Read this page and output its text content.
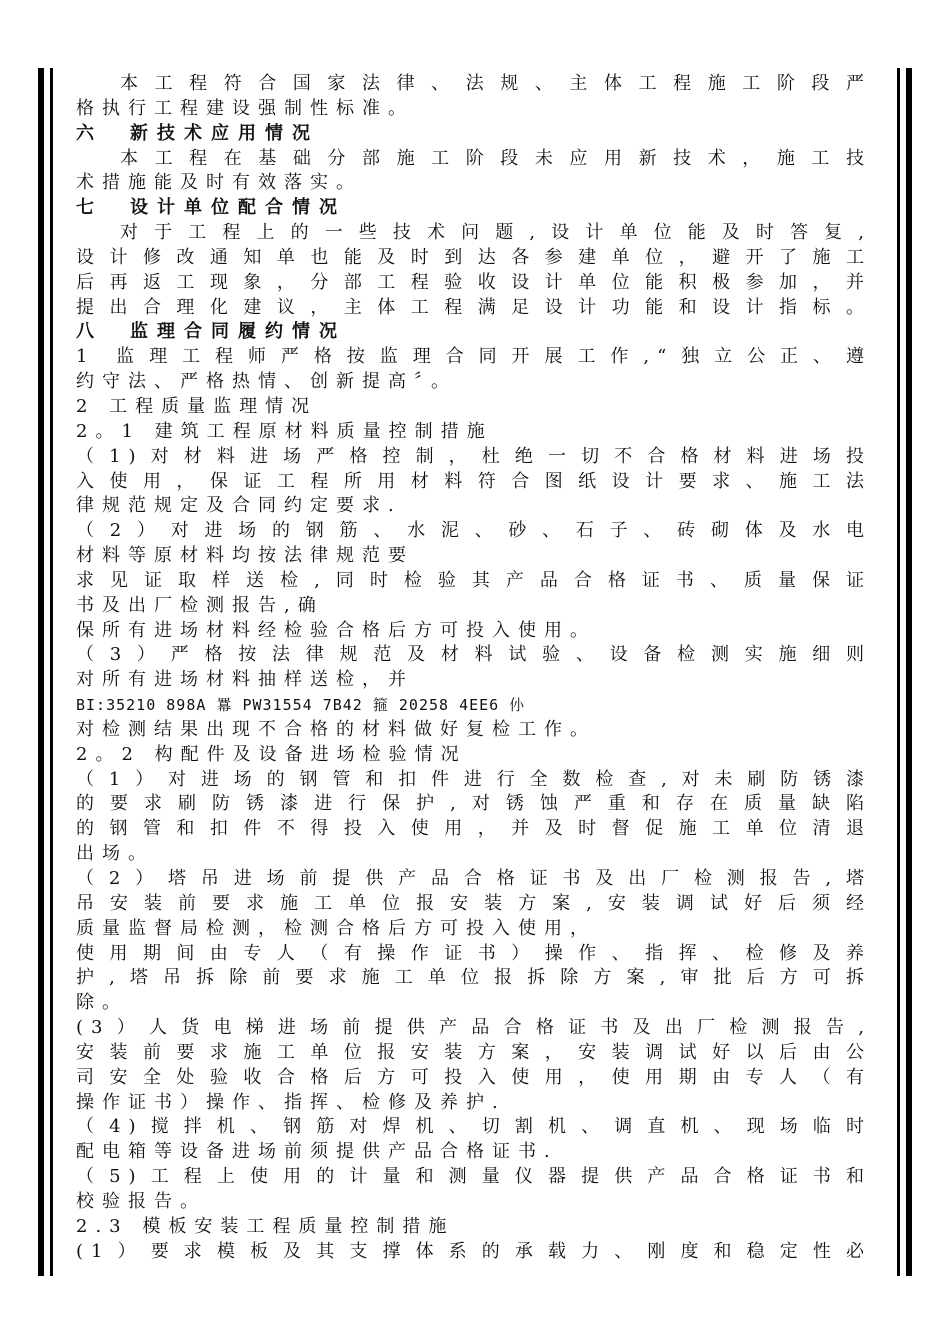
本工程符合国家法律、法规、主体工程施工阶段严
格执行工程建设强制性标准。
六　新技术应用情况
本工程在基础分部施工阶段未应用新技术，施工技
术措施能及时有效落实。
七　设计单位配合情况
对于工程上的一些技术问题,设计单位能及时答复,
设计修改通知单也能及时到达各参建单位，避开了施工
后再返工现象，分部工程验收设计单位能积极参加，并
提出合理化建议，主体工程满足设计功能和设计指标。
八　监理合同履约情况
1 监理工程师严格按监理合同开展工作,“独立公正、遵
约守法、严格热情、创新提高〞。
2 工程质量监理情况
2。1 建筑工程原材料质量控制措施
（1)对材料进场严格控制，杜绝一切不合格材料进场投
入使用，保证工程所用材料符合图纸设计要求、施工法
律规范规定及合同约定要求.
（2）对进场的钢筋、水泥、砂、石子、砖砌体及水电
材料等原材料均按法律规范要
求见证取样送检,同时检验其产品合格证书、质量保证
书及出厂检测报告,确
保所有进场材料经检验合格后方可投入使用。
（3）严格按法律规范及材料试验、设备检测实施细则
对所有进场材料抽样送检，并
BI:35210 898A 羃 PW31554 7B42 箍 20258 4EE6 仦
对检测结果出现不合格的材料做好复检工作。
2。2 构配件及设备进场检验情况
（1）对进场的钢管和扣件进行全数检查,对未刷防锈漆
的要求刷防锈漆进行保护,对锈蚀严重和存在质量缺陷
的钢管和扣件不得投入使用，并及时督促施工单位清退
出场。
（2）塔吊进场前提供产品合格证书及出厂检测报告,塔
吊安装前要求施工单位报安装方案,安装调试好后须经
质量监督局检测，检测合格后方可投入使用，
使用期间由专人（有操作证书）操作、指挥、检修及养
护,塔吊拆除前要求施工单位报拆除方案,审批后方可拆
除。
(3）人货电梯进场前提供产品合格证书及出厂检测报告,
安装前要求施工单位报安装方案，安装调试好以后由公
司安全处验收合格后方可投入使用，使用期由专人（有
操作证书）操作、指挥、检修及养护.
（4)搅拌机、钢筋对焊机、切割机、调直机、现场临时
配电箱等设备进场前须提供产品合格证书.
（5)工程上使用的计量和测量仪器提供产品合格证书和
校验报告。
2.3 模板安装工程质量控制措施
(1）要求模板及其支撑体系的承载力、刚度和稳定性必
